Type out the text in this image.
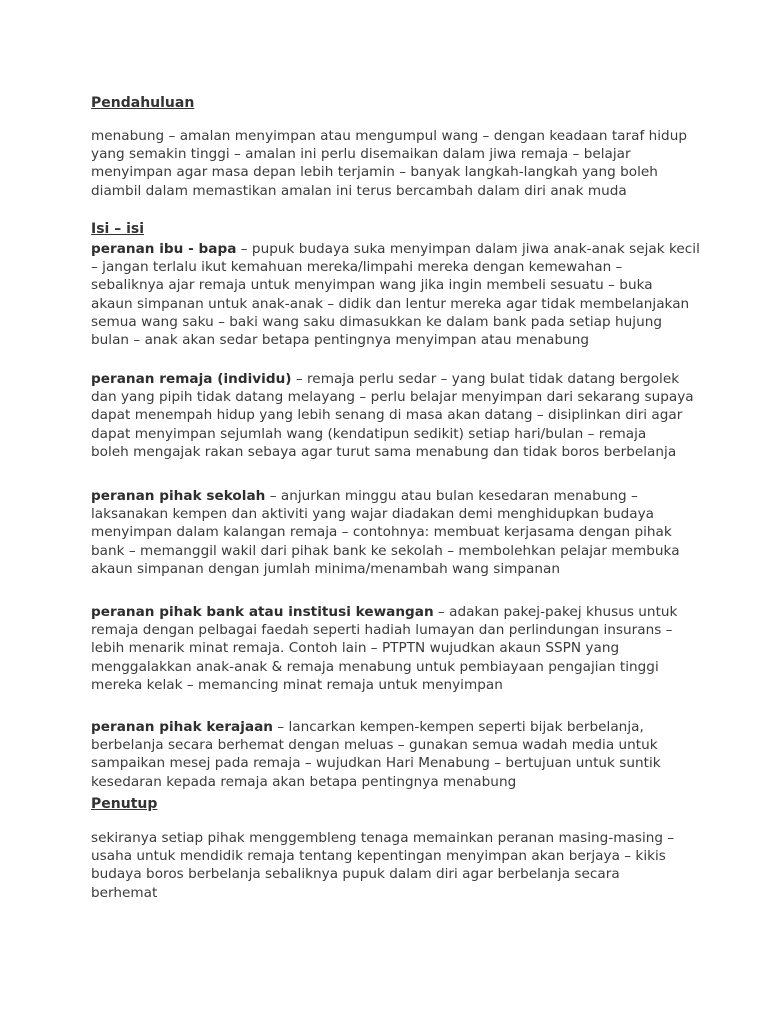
Pendahuluan
menabung – amalan menyimpan atau mengumpul wang – dengan keadaan taraf hidup
yang semakin tinggi – amalan ini perlu disemaikan dalam jiwa remaja – belajar
menyimpan agar masa depan lebih terjamin – banyak langkah-langkah yang boleh
diambil dalam memastikan amalan ini terus bercambah dalam diri anak muda
Isi – isi
peranan ibu - bapa – pupuk budaya suka menyimpan dalam jiwa anak-anak sejak kecil
– jangan terlalu ikut kemahuan mereka/limpahi mereka dengan kemewahan –
sebaliknya ajar remaja untuk menyimpan wang jika ingin membeli sesuatu – buka
akaun simpanan untuk anak-anak – didik dan lentur mereka agar tidak membelanjakan
semua wang saku – baki wang saku dimasukkan ke dalam bank pada setiap hujung
bulan – anak akan sedar betapa pentingnya menyimpan atau menabung
peranan remaja (individu) – remaja perlu sedar – yang bulat tidak datang bergolek
dan yang pipih tidak datang melayang – perlu belajar menyimpan dari sekarang supaya
dapat menempah hidup yang lebih senang di masa akan datang – disiplinkan diri agar
dapat menyimpan sejumlah wang (kendatipun sedikit) setiap hari/bulan – remaja
boleh mengajak rakan sebaya agar turut sama menabung dan tidak boros berbelanja
peranan pihak sekolah – anjurkan minggu atau bulan kesedaran menabung –
laksanakan kempen dan aktiviti yang wajar diadakan demi menghidupkan budaya
menyimpan dalam kalangan remaja – contohnya: membuat kerjasama dengan pihak
bank – memanggil wakil dari pihak bank ke sekolah – membolehkan pelajar membuka
akaun simpanan dengan jumlah minima/menambah wang simpanan
peranan pihak bank atau institusi kewangan – adakan pakej-pakej khusus untuk
remaja dengan pelbagai faedah seperti hadiah lumayan dan perlindungan insurans –
lebih menarik minat remaja. Contoh lain – PTPTN wujudkan akaun SSPN yang
menggalakkan anak-anak & remaja menabung untuk pembiayaan pengajian tinggi
mereka kelak – memancing minat remaja untuk menyimpan
peranan pihak kerajaan – lancarkan kempen-kempen seperti bijak berbelanja,
berbelanja secara berhemat dengan meluas – gunakan semua wadah media untuk
sampaikan mesej pada remaja – wujudkan Hari Menabung – bertujuan untuk suntik
kesedaran kepada remaja akan betapa pentingnya menabung
Penutup
sekiranya setiap pihak menggembleng tenaga memainkan peranan masing-masing –
usaha untuk mendidik remaja tentang kepentingan menyimpan akan berjaya – kikis
budaya boros berbelanja sebaliknya pupuk dalam diri agar berbelanja secara
berhemat
